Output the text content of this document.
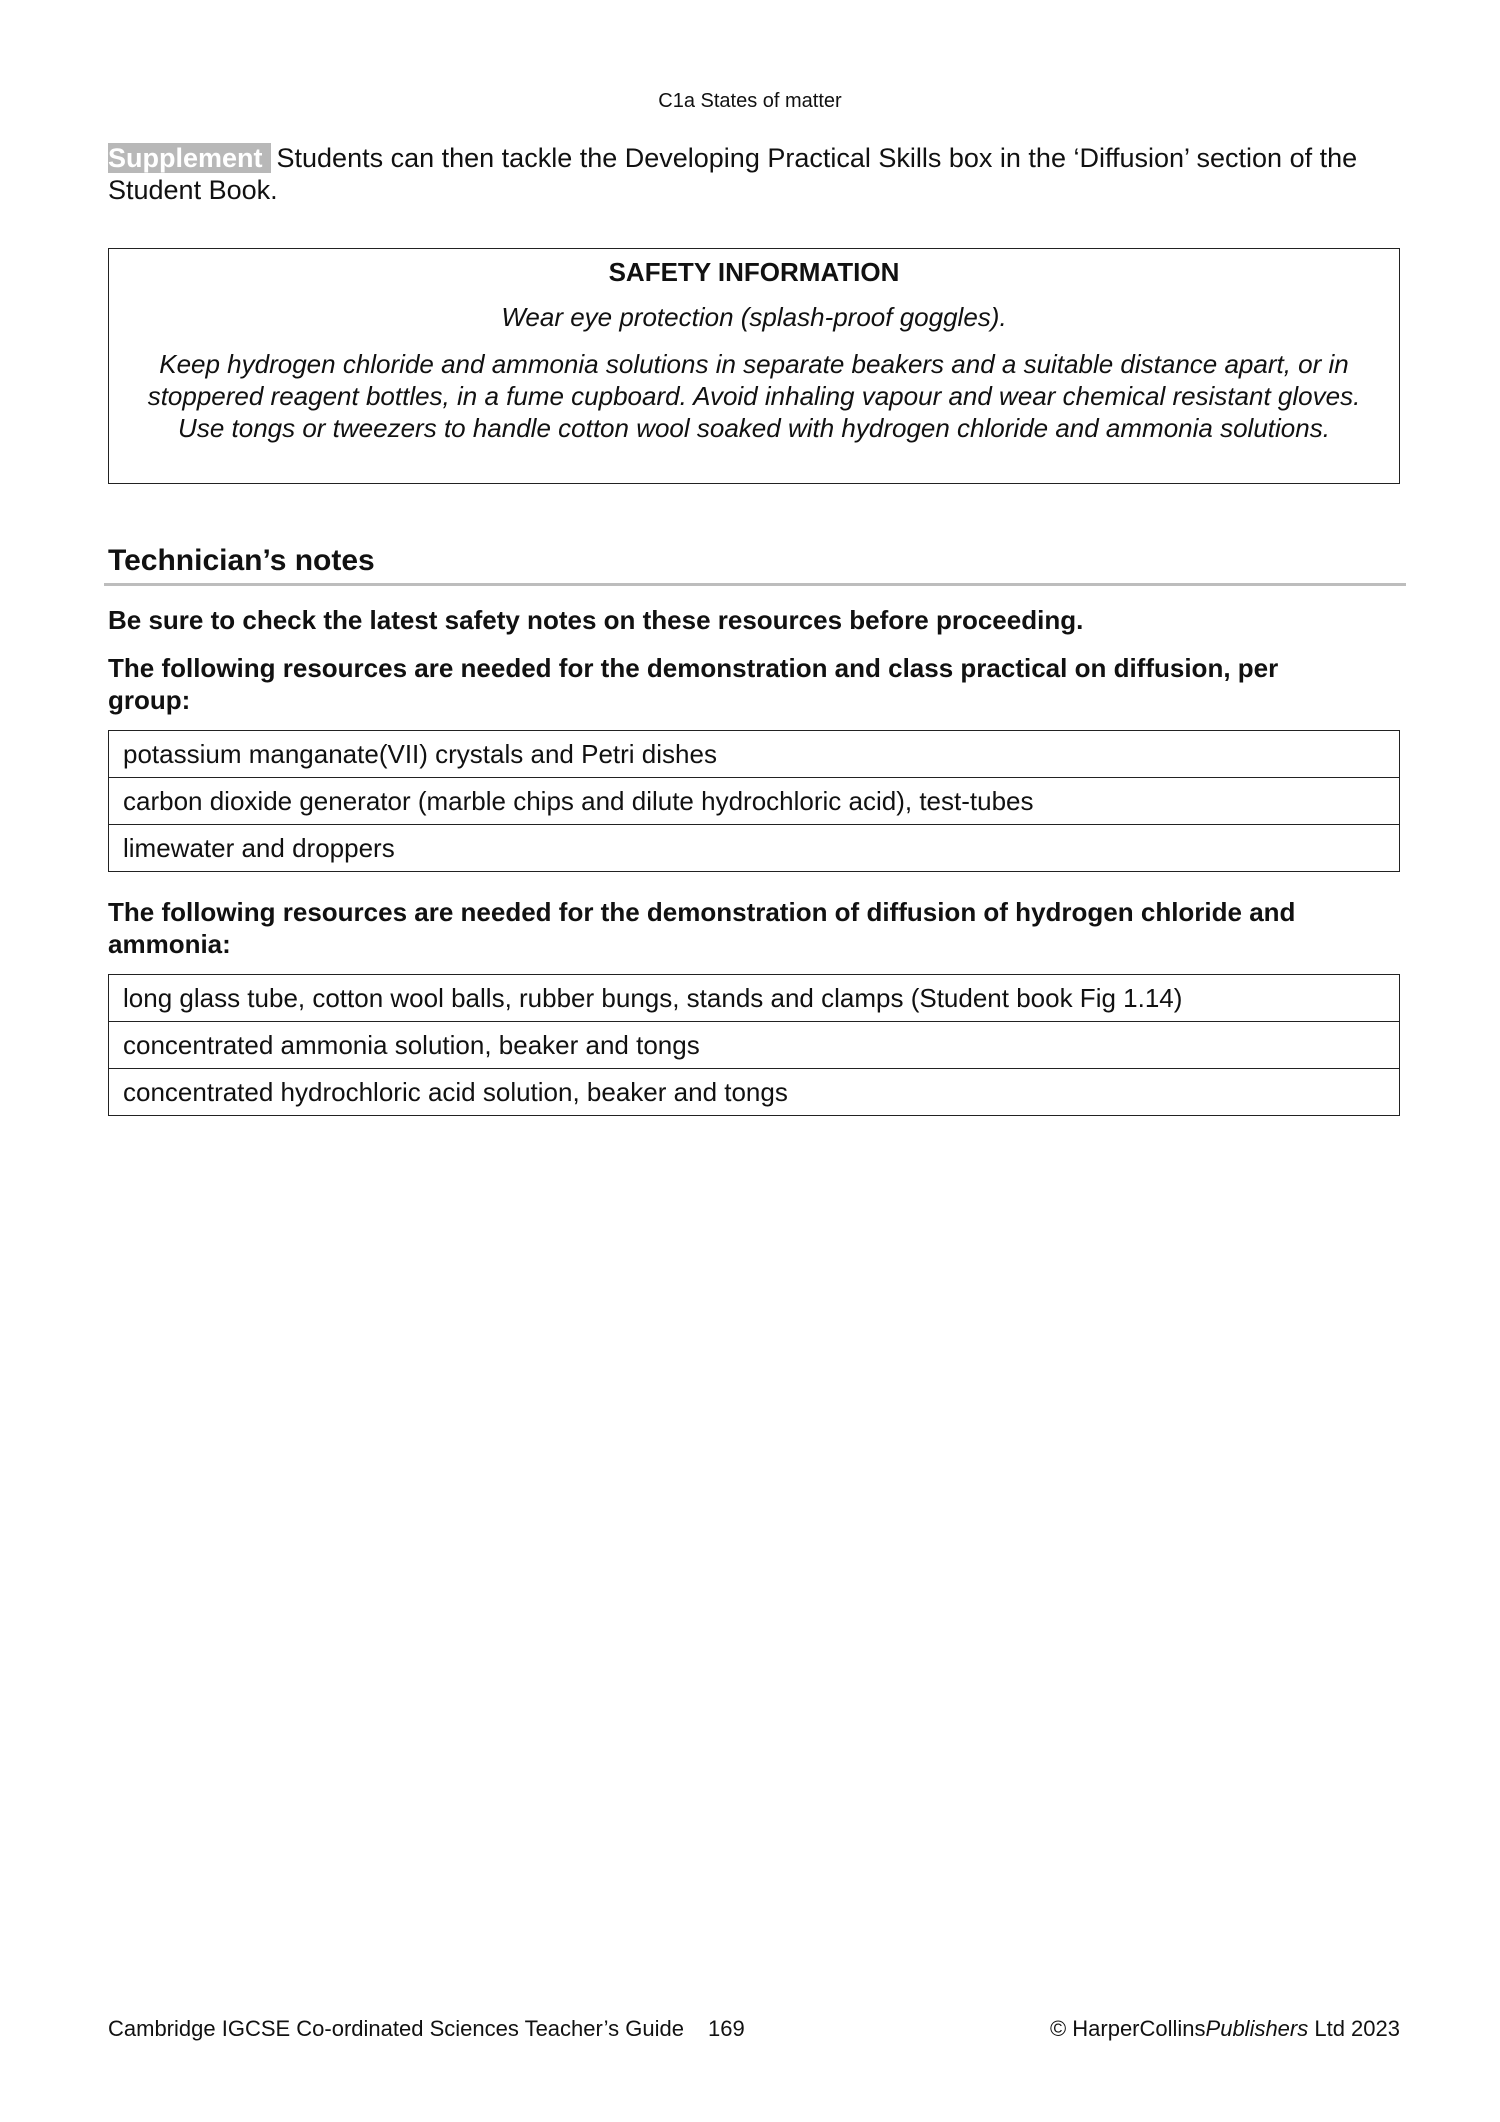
C1a States of matter
Supplement Students can then tackle the Developing Practical Skills box in the ‘Diffusion’ section of the Student Book.
SAFETY INFORMATION
Wear eye protection (splash-proof goggles).
Keep hydrogen chloride and ammonia solutions in separate beakers and a suitable distance apart, or in stoppered reagent bottles, in a fume cupboard. Avoid inhaling vapour and wear chemical resistant gloves. Use tongs or tweezers to handle cotton wool soaked with hydrogen chloride and ammonia solutions.
Technician’s notes
Be sure to check the latest safety notes on these resources before proceeding.
The following resources are needed for the demonstration and class practical on diffusion, per group:
potassium manganate(VII) crystals and Petri dishes
carbon dioxide generator (marble chips and dilute hydrochloric acid), test-tubes
limewater and droppers
The following resources are needed for the demonstration of diffusion of hydrogen chloride and ammonia:
long glass tube, cotton wool balls, rubber bungs, stands and clamps (Student book Fig 1.14)
concentrated ammonia solution, beaker and tongs
concentrated hydrochloric acid solution, beaker and tongs
Cambridge IGCSE Co-ordinated Sciences Teacher’s Guide 169	© HarperCollinsPublishers Ltd 2023
